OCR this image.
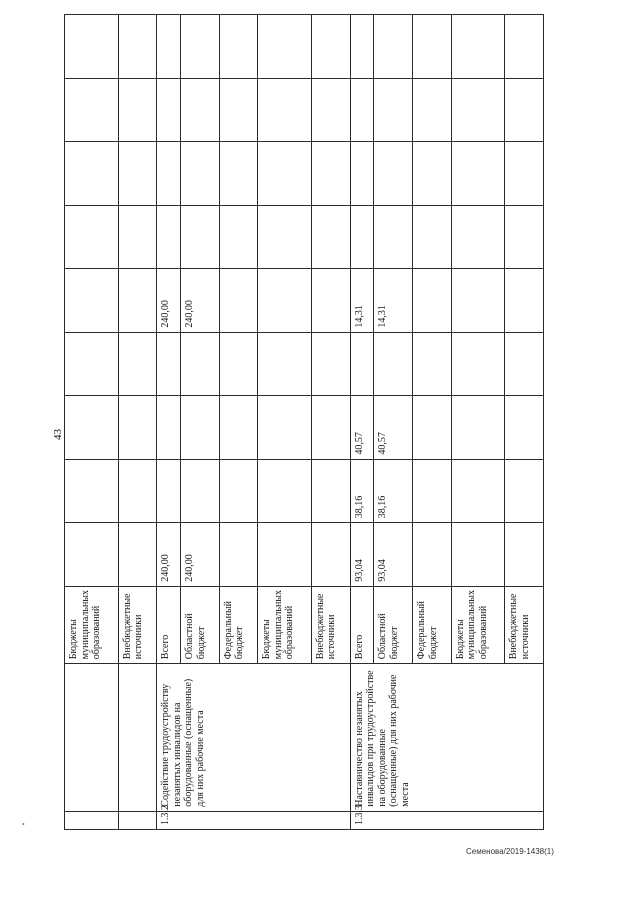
43
		Бюджеты муниципальных образований									
		Внебюджетные источники									
1.3.2	Содействие трудоустройству незанятых инвалидов на оборудованные (оснащенные) для них рабочие места	Всего	240,00				240,00				
		Областной бюджет	240,00				240,00				
		Федеральный бюджет									
		Бюджеты муниципальных образований									
		Внебюджетные источники									
1.3.3	Наставничество незанятых инвалидов при трудоустройстве на оборудованные (оснащенные) для них рабочие места	Всего	93,04	38,16	40,57		14,31				
		Областной бюджет	93,04	38,16	40,57		14,31				
		Федеральный бюджет									
		Бюджеты муниципальных образований									
		Внебюджетные источники									
•
Семенова/2019-1438(1)
